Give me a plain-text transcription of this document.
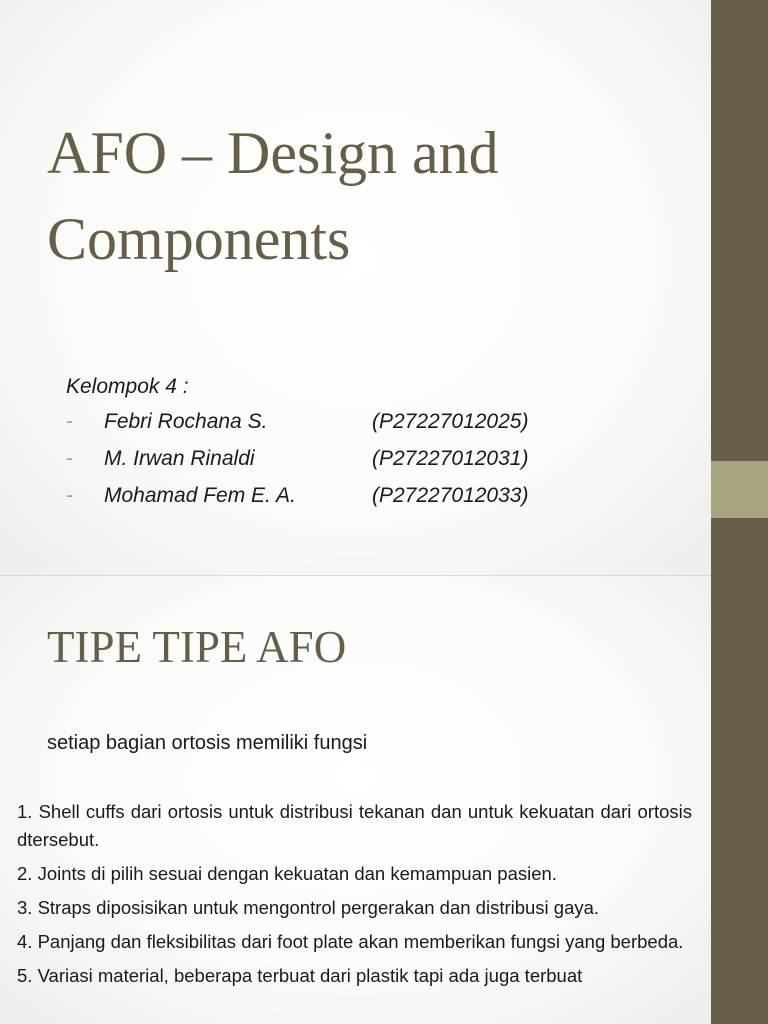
AFO – Design and
Components
Kelompok 4 :
- Febri Rochana S.	(P27227012025)
- M. Irwan Rinaldi	(P27227012031)
- Mohamad Fem E. A.	(P27227012033)
TIPE TIPE AFO
setiap bagian ortosis memiliki fungsi
1. Shell cuffs dari ortosis untuk distribusi tekanan dan untuk kekuatan dari ortosis dtersebut.
2. Joints di pilih sesuai dengan kekuatan dan kemampuan pasien.
3. Straps diposisikan untuk mengontrol pergerakan dan distribusi gaya.
4. Panjang dan fleksibilitas dari foot plate akan memberikan fungsi yang berbeda.
5. Variasi material, beberapa terbuat dari plastik tapi ada juga terbuat
